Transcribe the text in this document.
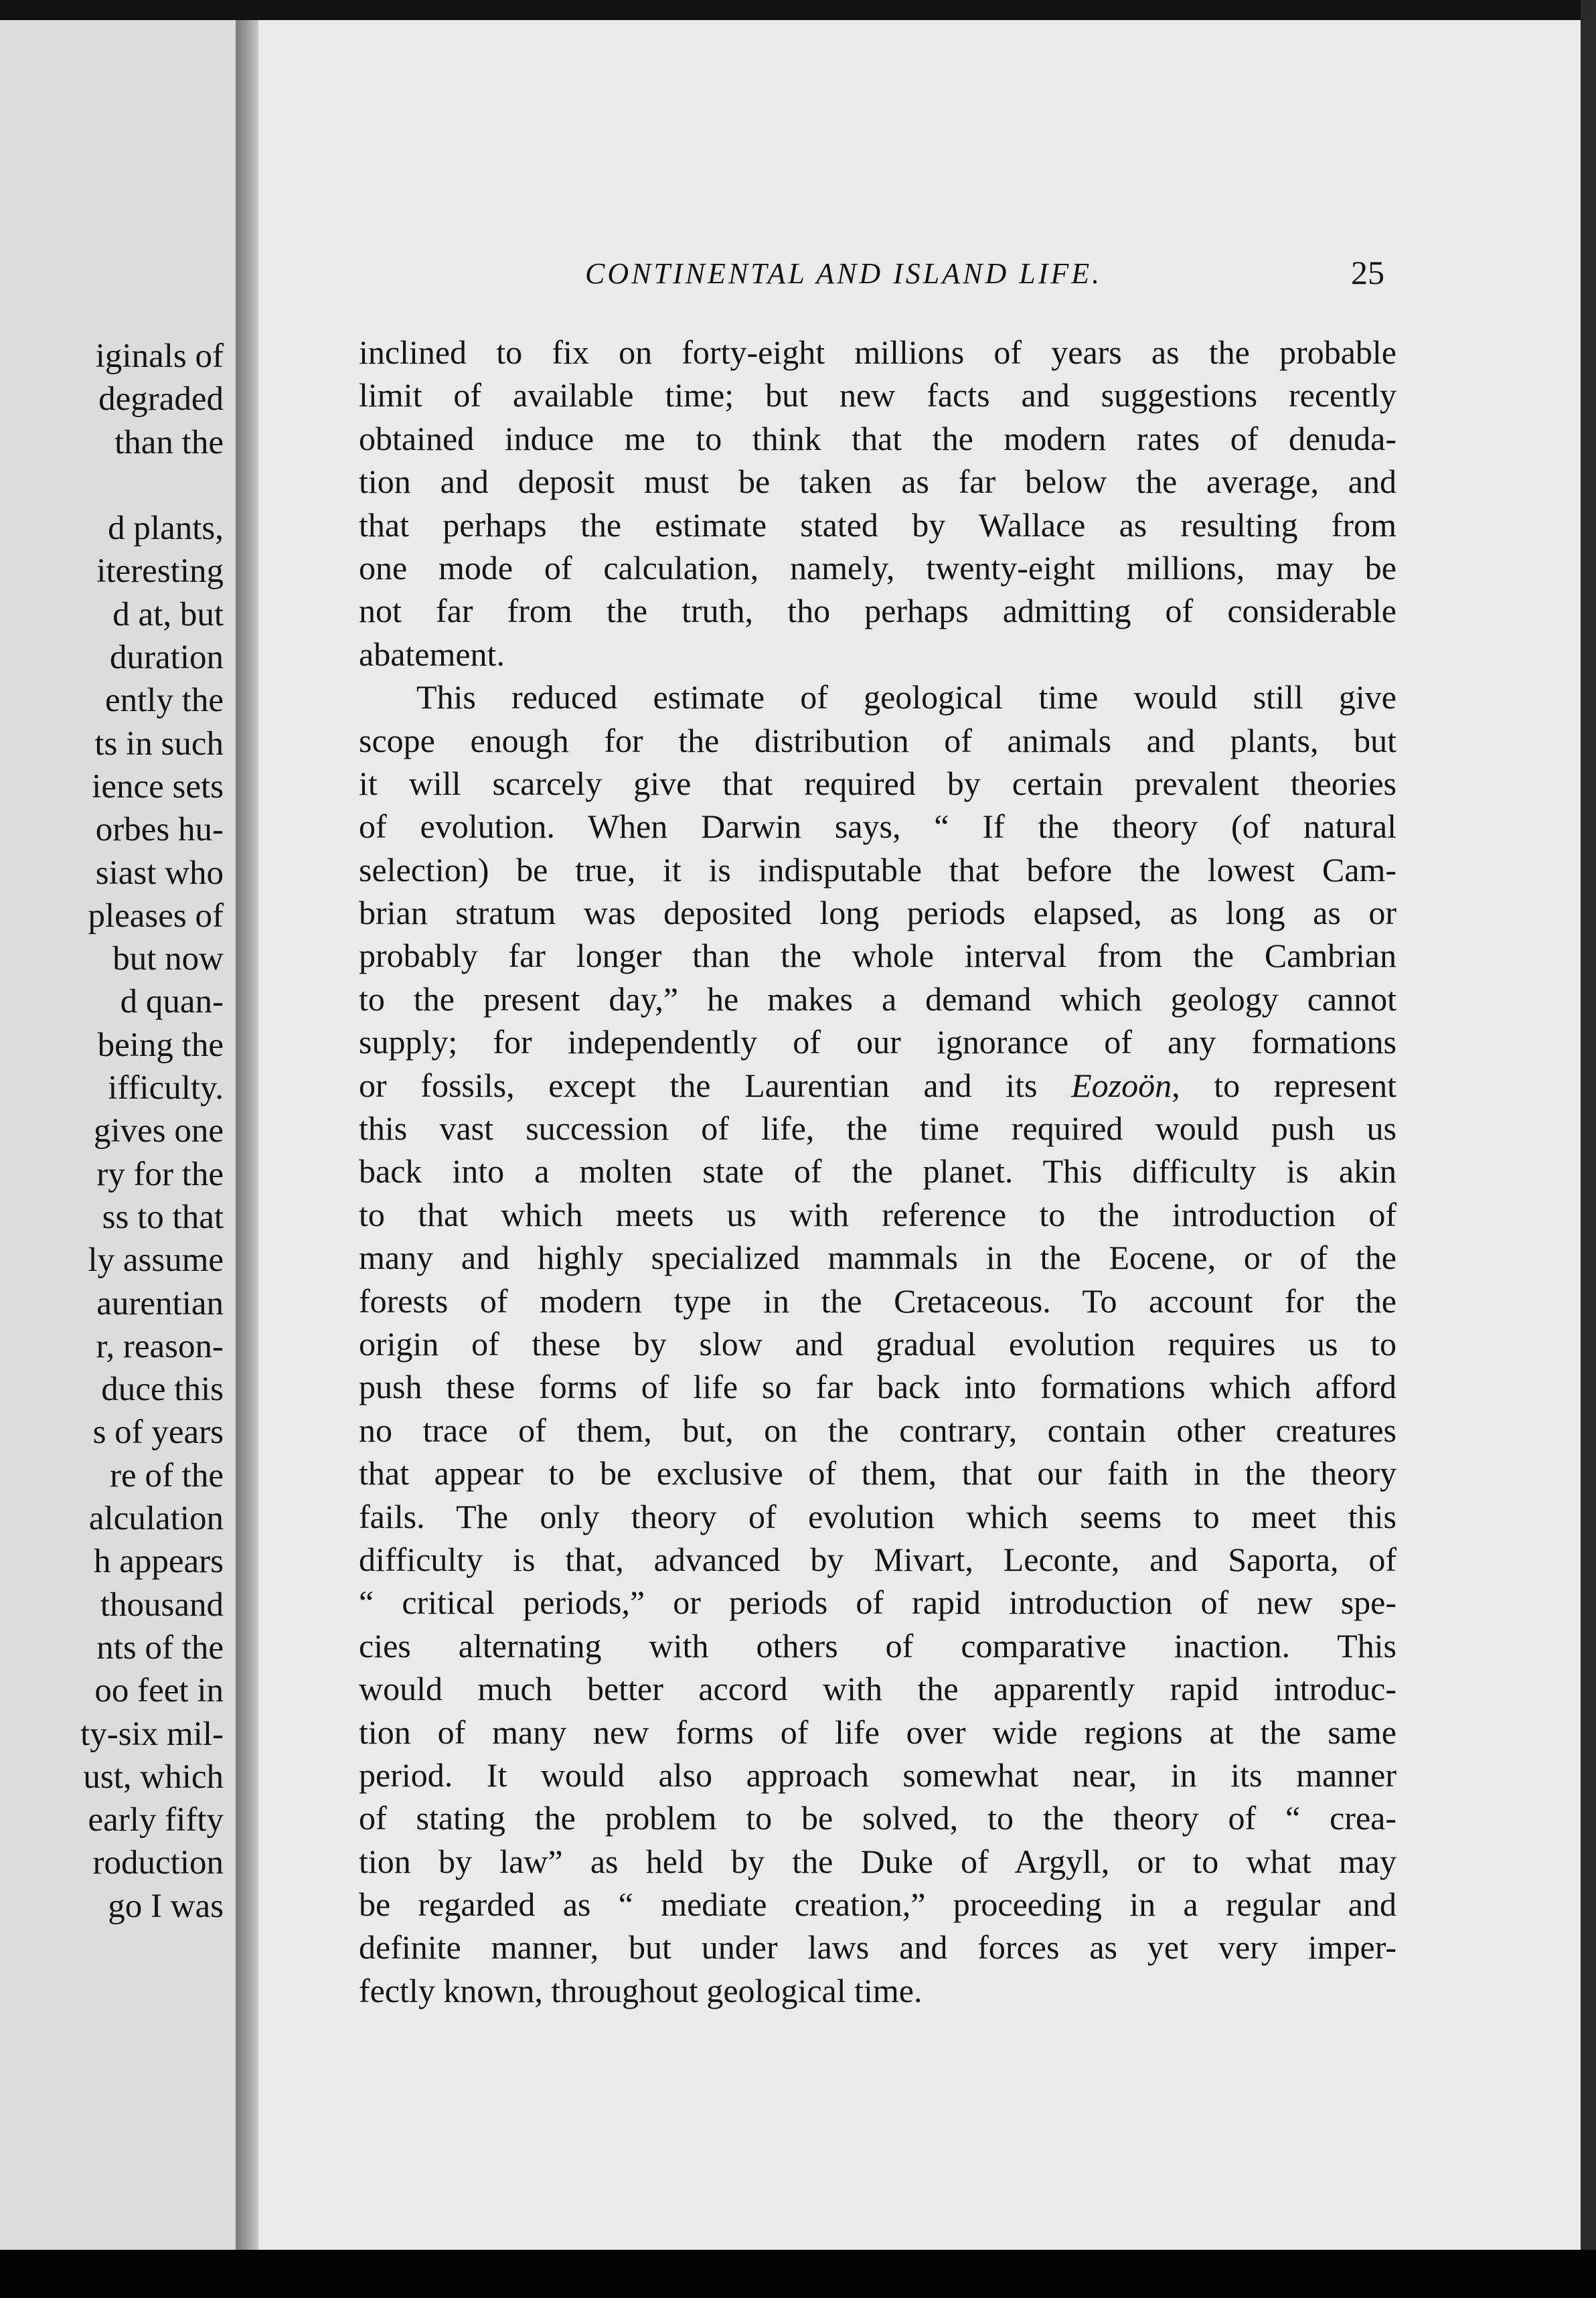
iginals of
degraded
than the
d plants,
iteresting
d at, but
duration
ently the
ts in such
ience sets
orbes hu-
siast who
pleases of
but now
d quan-
being the
ifficulty.
gives one
ry for the
ss to that
ly assume
aurentian
r, reason-
duce this
s of years
re of the
alculation
h appears
thousand
nts of the
oo feet in
ty-six mil-
ust, which
early fifty
roduction
go I was
CONTINENTAL AND ISLAND LIFE.	25
inclined to fix on forty-eight millions of years as the probable
limit of available time; but new facts and suggestions recently
obtained induce me to think that the modern rates of denuda-
tion and deposit must be taken as far below the average, and
that perhaps the estimate stated by Wallace as resulting from
one mode of calculation, namely, twenty-eight millions, may be
not far from the truth, tho perhaps admitting of considerable
abatement.
This reduced estimate of geological time would still give
scope enough for the distribution of animals and plants, but
it will scarcely give that required by certain prevalent theories
of evolution. When Darwin says, “ If the theory (of natural
selection) be true, it is indisputable that before the lowest Cam-
brian stratum was deposited long periods elapsed, as long as or
probably far longer than the whole interval from the Cambrian
to the present day,” he makes a demand which geology cannot
supply; for independently of our ignorance of any formations
or fossils, except the Laurentian and its Eozoön, to represent
this vast succession of life, the time required would push us
back into a molten state of the planet. This difficulty is akin
to that which meets us with reference to the introduction of
many and highly specialized mammals in the Eocene, or of the
forests of modern type in the Cretaceous. To account for the
origin of these by slow and gradual evolution requires us to
push these forms of life so far back into formations which afford
no trace of them, but, on the contrary, contain other creatures
that appear to be exclusive of them, that our faith in the theory
fails. The only theory of evolution which seems to meet this
difficulty is that, advanced by Mivart, Leconte, and Saporta, of
“ critical periods,” or periods of rapid introduction of new spe-
cies alternating with others of comparative inaction. This
would much better accord with the apparently rapid introduc-
tion of many new forms of life over wide regions at the same
period. It would also approach somewhat near, in its manner
of stating the problem to be solved, to the theory of “ crea-
tion by law” as held by the Duke of Argyll, or to what may
be regarded as “ mediate creation,” proceeding in a regular and
definite manner, but under laws and forces as yet very imper-
fectly known, throughout geological time.
